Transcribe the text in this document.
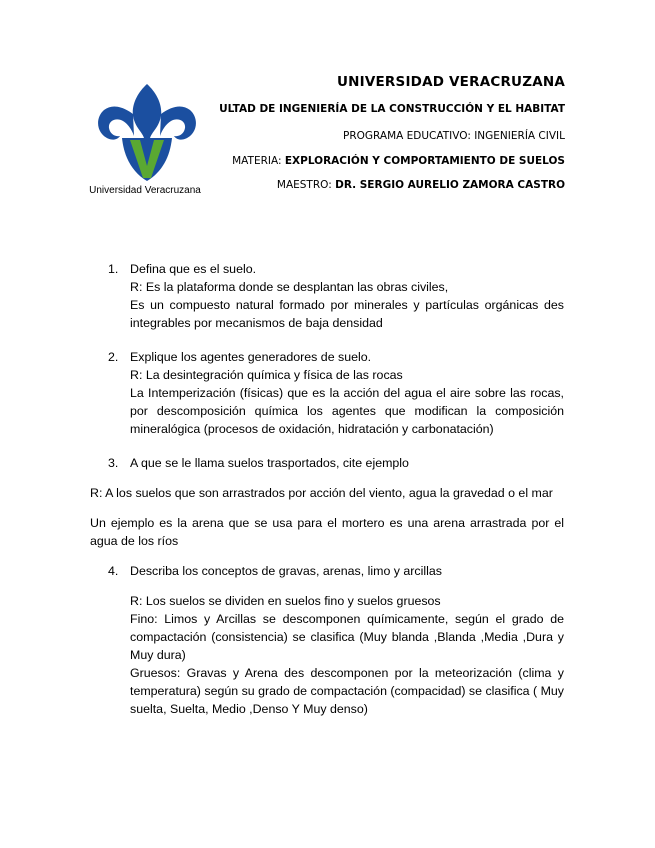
UNIVERSIDAD VERACRUZANA
ULTAD DE INGENIERÍA DE LA CONSTRUCCIÓN Y EL HABITAT
PROGRAMA EDUCATIVO: INGENIERÍA CIVIL
MATERIA: EXPLORACIÓN Y COMPORTAMIENTO DE SUELOS
MAESTRO: DR. SERGIO AURELIO ZAMORA CASTRO
Universidad Veracruzana
1. Defina que es el suelo.
R: Es la plataforma donde se desplantan las obras civiles,

Es un compuesto natural formado por minerales y partículas orgánicas des integrables por mecanismos de baja densidad

2. Explique los agentes generadores de suelo.
R: La desintegración química y física de las rocas

La Intemperización (físicas) que es la acción del agua el aire sobre las rocas, por descomposición química los agentes que modifican la composición mineralógica (procesos de oxidación, hidratación y carbonatación)

3. A que se le llama suelos trasportados, cite ejemplo

R: A los suelos que son arrastrados por acción del viento, agua la gravedad o el mar

Un ejemplo es la arena que se usa para el mortero es una arena arrastrada por el agua de los ríos

4. Describa los conceptos de gravas, arenas, limo y arcillas
R: Los suelos se dividen en suelos fino y suelos gruesos

Fino: Limos y Arcillas se descomponen químicamente, según el grado de compactación (consistencia) se clasifica (Muy blanda ,Blanda ,Media ,Dura y Muy dura)

Gruesos: Gravas y Arena des descomponen por la meteorización (clima y temperatura) según su grado de compactación (compacidad) se clasifica ( Muy suelta, Suelta, Medio ,Denso Y Muy denso)
